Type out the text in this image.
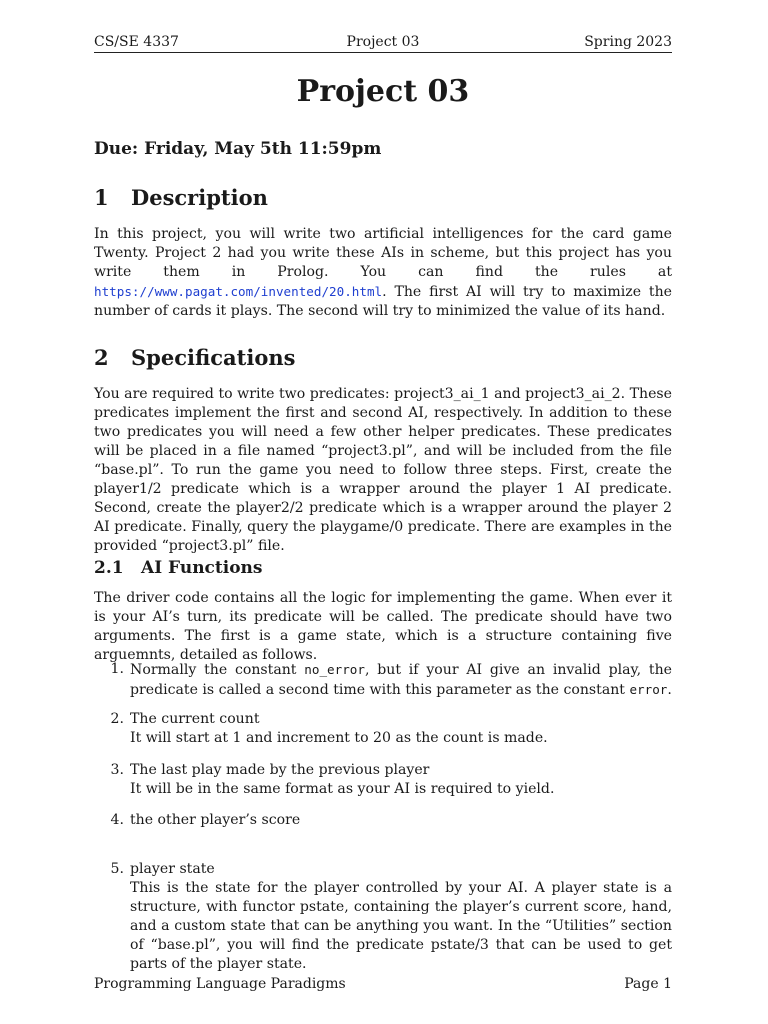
CS/SE 4337	Project 03	Spring 2023
Project 03
Due: Friday, May 5th 11:59pm
1 Description

In this project, you will write two artificial intelligences for the card game Twenty. Project 2 had you write these AIs in scheme, but this project has you write them in Prolog. You can find the rules at https://www.pagat.com/invented/20.html. The first AI will try to maximize the number of cards it plays. The second will try to minimized the value of its hand.

2 Specifications

You are required to write two predicates: project3_ai_1 and project3_ai_2. These predicates implement the first and second AI, respectively. In addition to these two predicates you will need a few other helper predicates. These predicates will be placed in a file named “project3.pl”, and will be included from the file “base.pl”. To run the game you need to follow three steps. First, create the player1/2 predicate which is a wrapper around the player 1 AI predicate. Second, create the player2/2 predicate which is a wrapper around the player 2 AI predicate. Finally, query the playgame/0 predicate. There are examples in the provided “project3.pl” file.

2.1 AI Functions

The driver code contains all the logic for implementing the game. When ever it is your AI’s turn, its predicate will be called. The predicate should have two arguments. The first is a game state, which is a structure containing five arguemnts, detailed as follows.

1. Normally the constant no_error, but if your AI give an invalid play, the predicate is called a second time with this parameter as the constant error.
2. The current count
It will start at 1 and increment to 20 as the count is made.
3. The last play made by the previous player
It will be in the same format as your AI is required to yield.
4. the other player’s score
5. player state
This is the state for the player controlled by your AI. A player state is a structure, with functor pstate, containing the player’s current score, hand, and a custom state that can be anything you want. In the “Utilities” section of “base.pl”, you will find the predicate pstate/3 that can be used to get parts of the player state.
Programming Language Paradigms	Page 1
